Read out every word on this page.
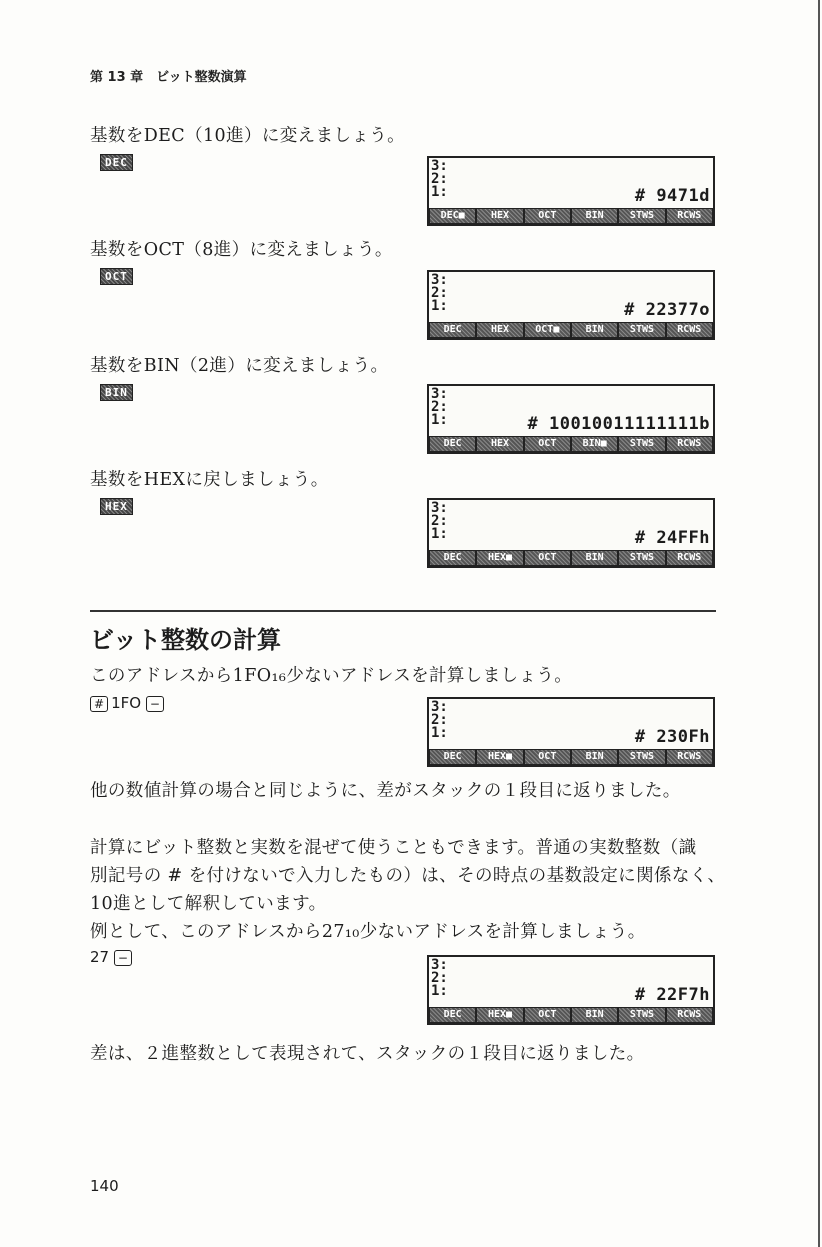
第 13 章　ビット整数演算
基数をDEC（10進）に変えましょう。
DEC	3:
2:
1:	# 9471d
DEC■	HEX	OCT	BIN	STWS	RCWS
基数をOCT（8進）に変えましょう。
OCT	3:
2:
1:	# 22377o
DEC	HEX	OCT■	BIN	STWS	RCWS
基数をBIN（2進）に変えましょう。
BIN	3:
2:
1:	# 10010011111111b
DEC	HEX	OCT	BIN■	STWS	RCWS
基数をHEXに戻しましょう。
HEX	3:
2:
1:	# 24FFh
DEC	HEX■	OCT	BIN	STWS	RCWS
ビット整数の計算
このアドレスから1FO₁₆少ないアドレスを計算しましょう。
# 1FO −	3:
2:
1:	# 230Fh
DEC	HEX■	OCT	BIN	STWS	RCWS
他の数値計算の場合と同じように、差がスタックの１段目に返りました。
計算にビット整数と実数を混ぜて使うこともできます。普通の実数整数（識
別記号の # を付けないで入力したもの）は、その時点の基数設定に関係なく、
10進として解釈しています。
例として、このアドレスから27₁₀少ないアドレスを計算しましょう。
27 −	3:
2:
1:	# 22F7h
DEC	HEX■	OCT	BIN	STWS	RCWS
差は、２進整数として表現されて、スタックの１段目に返りました。
140
